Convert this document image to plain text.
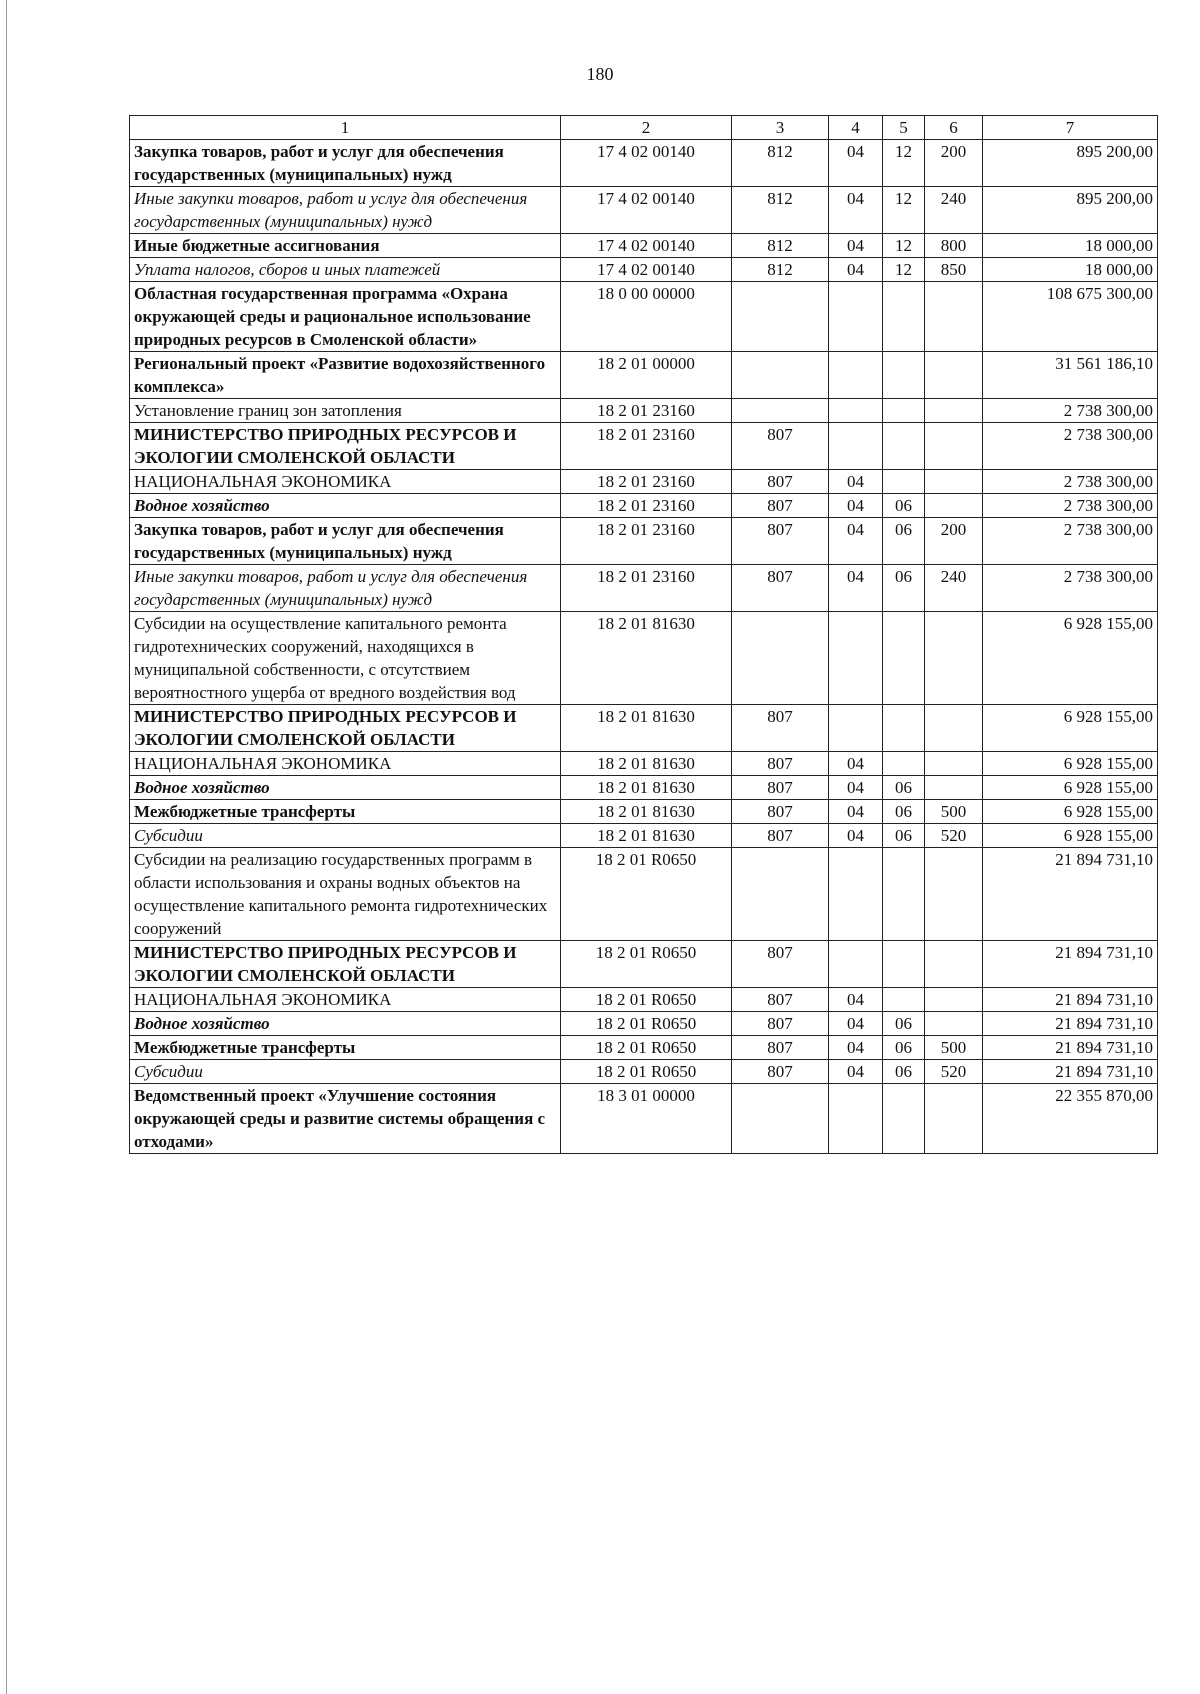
180
1	2	3	4	5	6	7
Закупка товаров, работ и услуг для обеспечения государственных (муниципальных) нужд	17 4 02 00140	812	04	12	200	895 200,00
Иные закупки товаров, работ и услуг для обеспечения государственных (муниципальных) нужд	17 4 02 00140	812	04	12	240	895 200,00
Иные бюджетные ассигнования	17 4 02 00140	812	04	12	800	18 000,00
Уплата налогов, сборов и иных платежей	17 4 02 00140	812	04	12	850	18 000,00
Областная государственная программа «Охрана окружающей среды и рациональное использование природных ресурсов в Смоленской области»	18 0 00 00000					108 675 300,00
Региональный проект «Развитие водохозяйственного комплекса»	18 2 01 00000					31 561 186,10
Установление границ зон затопления	18 2 01 23160					2 738 300,00
МИНИСТЕРСТВО ПРИРОДНЫХ РЕСУРСОВ И ЭКОЛОГИИ СМОЛЕНСКОЙ ОБЛАСТИ	18 2 01 23160	807				2 738 300,00
НАЦИОНАЛЬНАЯ ЭКОНОМИКА	18 2 01 23160	807	04			2 738 300,00
Водное хозяйство	18 2 01 23160	807	04	06		2 738 300,00
Закупка товаров, работ и услуг для обеспечения государственных (муниципальных) нужд	18 2 01 23160	807	04	06	200	2 738 300,00
Иные закупки товаров, работ и услуг для обеспечения государственных (муниципальных) нужд	18 2 01 23160	807	04	06	240	2 738 300,00
Субсидии на осуществление капитального ремонта гидротехнических сооружений, находящихся в муниципальной собственности, с отсутствием вероятностного ущерба от вредного воздействия вод	18 2 01 81630					6 928 155,00
МИНИСТЕРСТВО ПРИРОДНЫХ РЕСУРСОВ И ЭКОЛОГИИ СМОЛЕНСКОЙ ОБЛАСТИ	18 2 01 81630	807				6 928 155,00
НАЦИОНАЛЬНАЯ ЭКОНОМИКА	18 2 01 81630	807	04			6 928 155,00
Водное хозяйство	18 2 01 81630	807	04	06		6 928 155,00
Межбюджетные трансферты	18 2 01 81630	807	04	06	500	6 928 155,00
Субсидии	18 2 01 81630	807	04	06	520	6 928 155,00
Субсидии на реализацию государственных программ в области использования и охраны водных объектов на осуществление капитального ремонта гидротехнических сооружений	18 2 01 R0650					21 894 731,10
МИНИСТЕРСТВО ПРИРОДНЫХ РЕСУРСОВ И ЭКОЛОГИИ СМОЛЕНСКОЙ ОБЛАСТИ	18 2 01 R0650	807				21 894 731,10
НАЦИОНАЛЬНАЯ ЭКОНОМИКА	18 2 01 R0650	807	04			21 894 731,10
Водное хозяйство	18 2 01 R0650	807	04	06		21 894 731,10
Межбюджетные трансферты	18 2 01 R0650	807	04	06	500	21 894 731,10
Субсидии	18 2 01 R0650	807	04	06	520	21 894 731,10
Ведомственный проект «Улучшение состояния окружающей среды и развитие системы обращения с отходами»	18 3 01 00000					22 355 870,00
